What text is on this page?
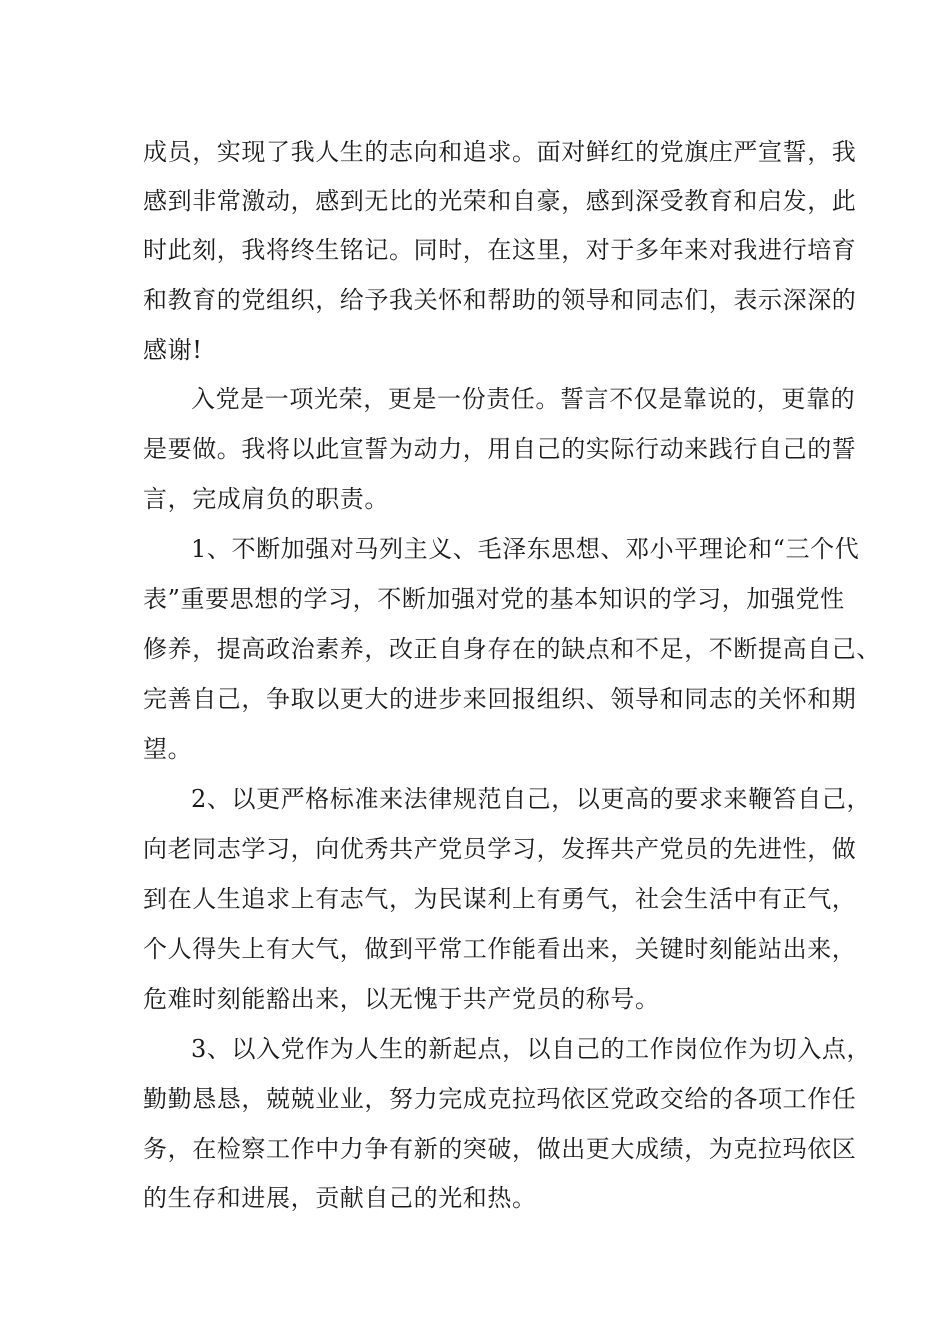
成员，实现了我人生的志向和追求。面对鲜红的党旗庄严宣誓，我
感到非常激动，感到无比的光荣和自豪，感到深受教育和启发，此
时此刻，我将终生铭记。同时，在这里，对于多年来对我进行培育
和教育的党组织，给予我关怀和帮助的领导和同志们，表示深深的
感谢!
入党是一项光荣，更是一份责任。誓言不仅是靠说的，更靠的
是要做。我将以此宣誓为动力，用自己的实际行动来践行自己的誓
言，完成肩负的职责。
1、不断加强对马列主义、毛泽东思想、邓小平理论和“三个代
表”重要思想的学习，不断加强对党的基本知识的学习，加强党性
修养，提高政治素养，改正自身存在的缺点和不足，不断提高自己、
完善自己，争取以更大的进步来回报组织、领导和同志的关怀和期
望。
2、以更严格标准来法律规范自己，以更高的要求来鞭笞自己，
向老同志学习，向优秀共产党员学习，发挥共产党员的先进性，做
到在人生追求上有志气，为民谋利上有勇气，社会生活中有正气，
个人得失上有大气，做到平常工作能看出来，关键时刻能站出来，
危难时刻能豁出来，以无愧于共产党员的称号。
3、以入党作为人生的新起点，以自己的工作岗位作为切入点，
勤勤恳恳，兢兢业业，努力完成克拉玛依区党政交给的各项工作任
务，在检察工作中力争有新的突破，做出更大成绩，为克拉玛依区
的生存和进展，贡献自己的光和热。
